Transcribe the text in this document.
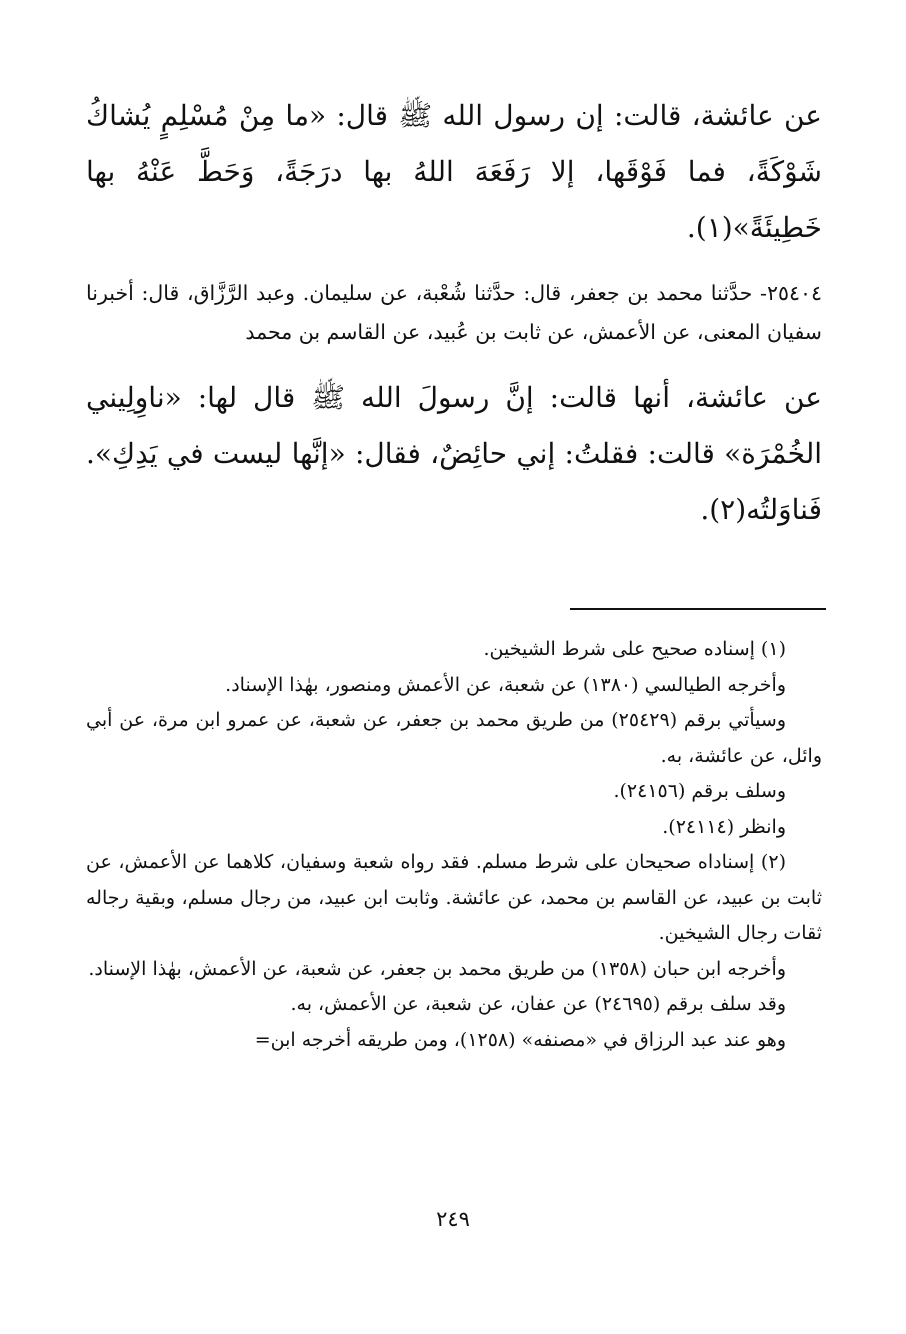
عن عائشة، قالت: إن رسول الله ﷺ قال: «ما مِنْ مُسْلِمٍ يُشاكُ شَوْكَةً، فما فَوْقَها، إلا رَفَعَهَ اللهُ بها درَجَةً، وَحَطَّ عَنْهُ بها خَطِيئَةً»(١).

٢٥٤٠٤- حدَّثنا محمد بن جعفر، قال: حدَّثنا شُعْبة، عن سليمان. وعبد الرَّزَّاق، قال: أخبرنا سفيان المعنى، عن الأعمش، عن ثابت بن عُبيد، عن القاسم بن محمد

عن عائشة، أنها قالت: إنَّ رسولَ الله ﷺ قال لها: «ناوِلِيني الخُمْرَة» قالت: فقلتُ: إني حائِضٌ، فقال: «إنَّها ليست في يَدِكِ». فَناوَلتُه(٢).

(١) إسناده صحيح على شرط الشيخين.

وأخرجه الطيالسي (١٣٨٠) عن شعبة، عن الأعمش ومنصور، بهٰذا الإسناد.

وسيأتي برقم (٢٥٤٢٩) من طريق محمد بن جعفر، عن شعبة، عن عمرو ابن مرة، عن أبي وائل، عن عائشة، به.

وسلف برقم (٢٤١٥٦).

وانظر (٢٤١١٤).

(٢) إسناداه صحيحان على شرط مسلم. فقد رواه شعبة وسفيان، كلاهما عن الأعمش، عن ثابت بن عبيد، عن القاسم بن محمد، عن عائشة. وثابت ابن عبيد، من رجال مسلم، وبقية رجاله ثقات رجال الشيخين.

وأخرجه ابن حبان (١٣٥٨) من طريق محمد بن جعفر، عن شعبة، عن الأعمش، بهٰذا الإسناد.

وقد سلف برقم (٢٤٦٩٥) عن عفان، عن شعبة، عن الأعمش، به.

وهو عند عبد الرزاق في «مصنفه» (١٢٥٨)، ومن طريقه أخرجه ابن=

٢٤٩
